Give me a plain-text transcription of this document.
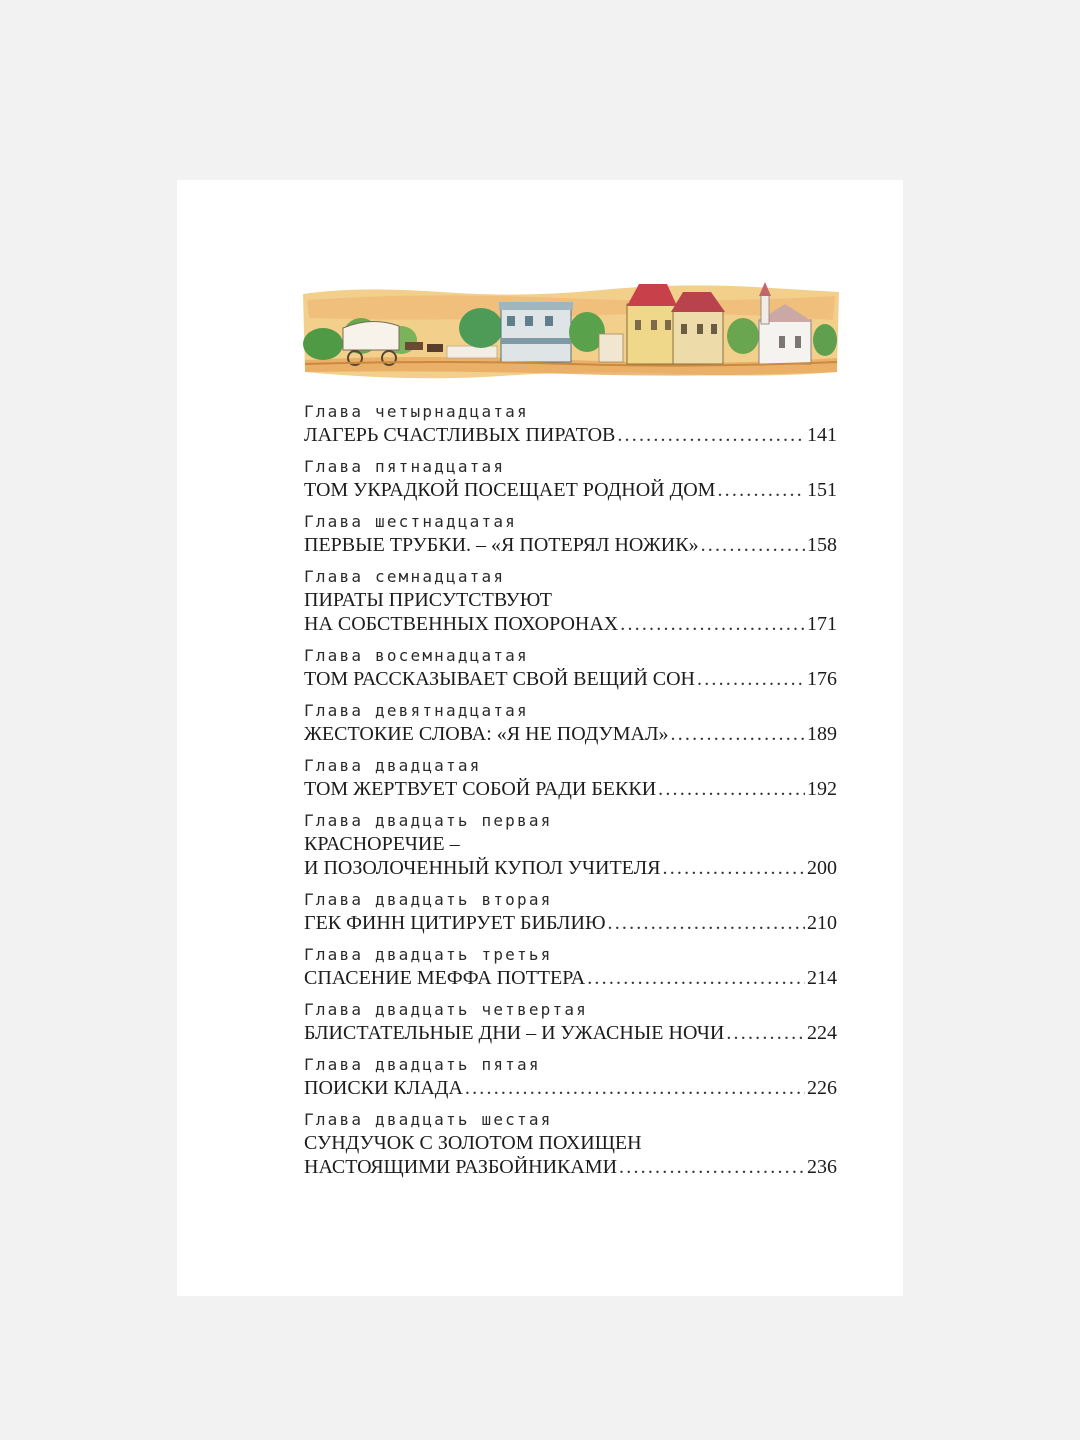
Глава четырнадцатая
ЛАГЕРЬ СЧАСТЛИВЫХ ПИРАТОВ .....	141
Глава пятнадцатая
ТОМ УКРАДКОЙ ПОСЕЩАЕТ РОДНОЙ ДОМ .....	151
Глава шестнадцатая
ПЕРВЫЕ ТРУБКИ. – «Я ПОТЕРЯЛ НОЖИК» .....	158
Глава семнадцатая
ПИРАТЫ ПРИСУТСТВУЮТ
НА СОБСТВЕННЫХ ПОХОРОНАХ .....	171
Глава восемнадцатая
ТОМ РАССКАЗЫВАЕТ СВОЙ ВЕЩИЙ СОН .....	176
Глава девятнадцатая
ЖЕСТОКИЕ СЛОВА: «Я НЕ ПОДУМАЛ» .....	189
Глава двадцатая
ТОМ ЖЕРТВУЕТ СОБОЙ РАДИ БЕККИ .....	192
Глава двадцать первая
КРАСНОРЕЧИЕ –
И ПОЗОЛОЧЕННЫЙ КУПОЛ УЧИТЕЛЯ .....	200
Глава двадцать вторая
ГЕК ФИНН ЦИТИРУЕТ БИБЛИЮ .....	210
Глава двадцать третья
СПАСЕНИЕ МЕФФА ПОТТЕРА .....	214
Глава двадцать четвертая
БЛИСТАТЕЛЬНЫЕ ДНИ – И УЖАСНЫЕ НОЧИ .....	224
Глава двадцать пятая
ПОИСКИ КЛАДА .....	226
Глава двадцать шестая
СУНДУЧОК С ЗОЛОТОМ ПОХИЩЕН
НАСТОЯЩИМИ РАЗБОЙНИКАМИ .....	236
